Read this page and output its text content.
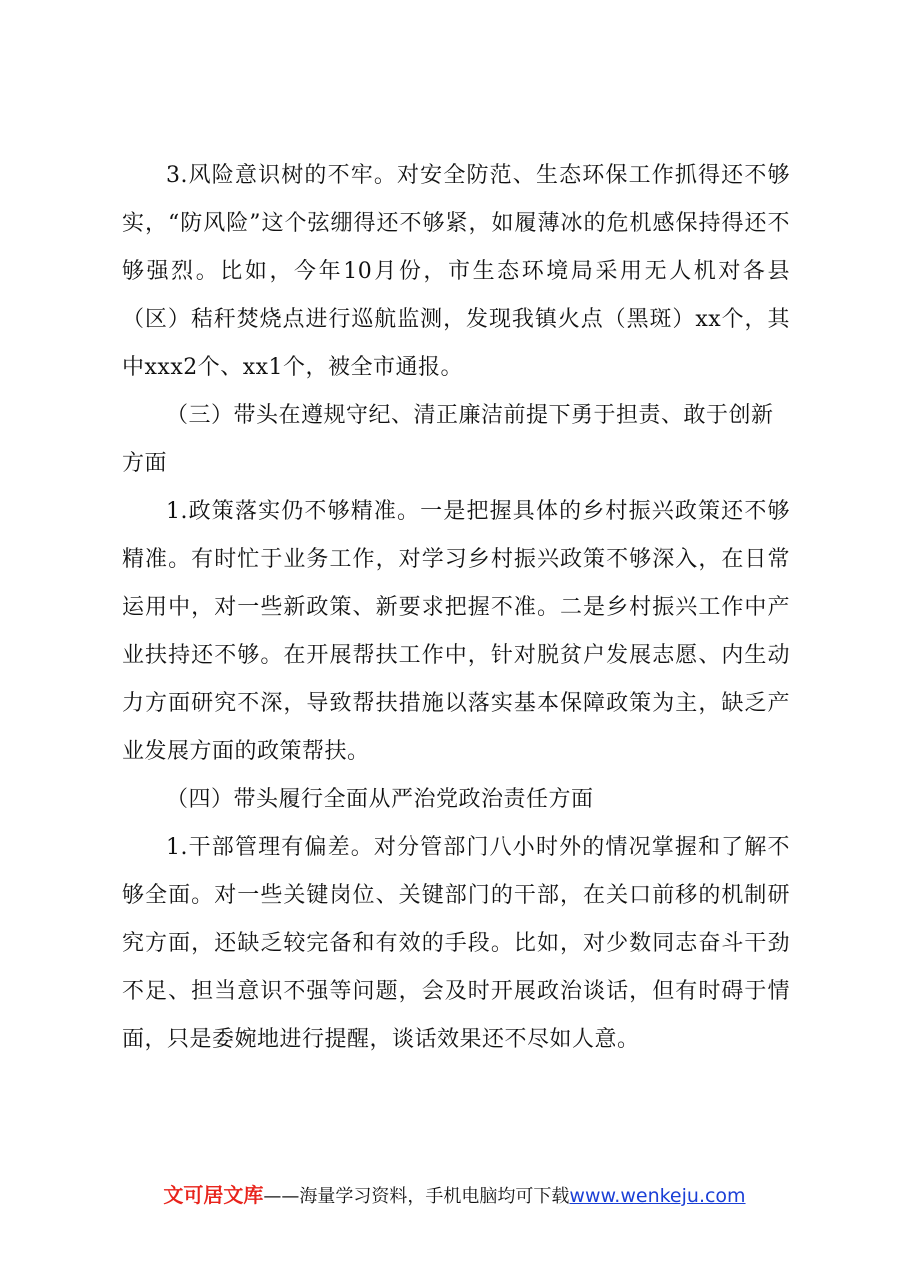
3.风险意识树的不牢。对安全防范、生态环保工作抓得还不够实，“防风险”这个弦绷得还不够紧，如履薄冰的危机感保持得还不够强烈。比如，今年10月份，市生态环境局采用无人机对各县（区）秸秆焚烧点进行巡航监测，发现我镇火点（黑斑）xx个，其中xxx2个、xx1个，被全市通报。

（三）带头在遵规守纪、清正廉洁前提下勇于担责、敢于创新方面

1.政策落实仍不够精准。一是把握具体的乡村振兴政策还不够精准。有时忙于业务工作，对学习乡村振兴政策不够深入，在日常运用中，对一些新政策、新要求把握不准。二是乡村振兴工作中产业扶持还不够。在开展帮扶工作中，针对脱贫户发展志愿、内生动力方面研究不深，导致帮扶措施以落实基本保障政策为主，缺乏产业发展方面的政策帮扶。

（四）带头履行全面从严治党政治责任方面

1.干部管理有偏差。对分管部门八小时外的情况掌握和了解不够全面。对一些关键岗位、关键部门的干部，在关口前移的机制研究方面，还缺乏较完备和有效的手段。比如，对少数同志奋斗干劲不足、担当意识不强等问题，会及时开展政治谈话，但有时碍于情面，只是委婉地进行提醒，谈话效果还不尽如人意。

文可居文库——海量学习资料，手机电脑均可下载www.wenkeju.com
